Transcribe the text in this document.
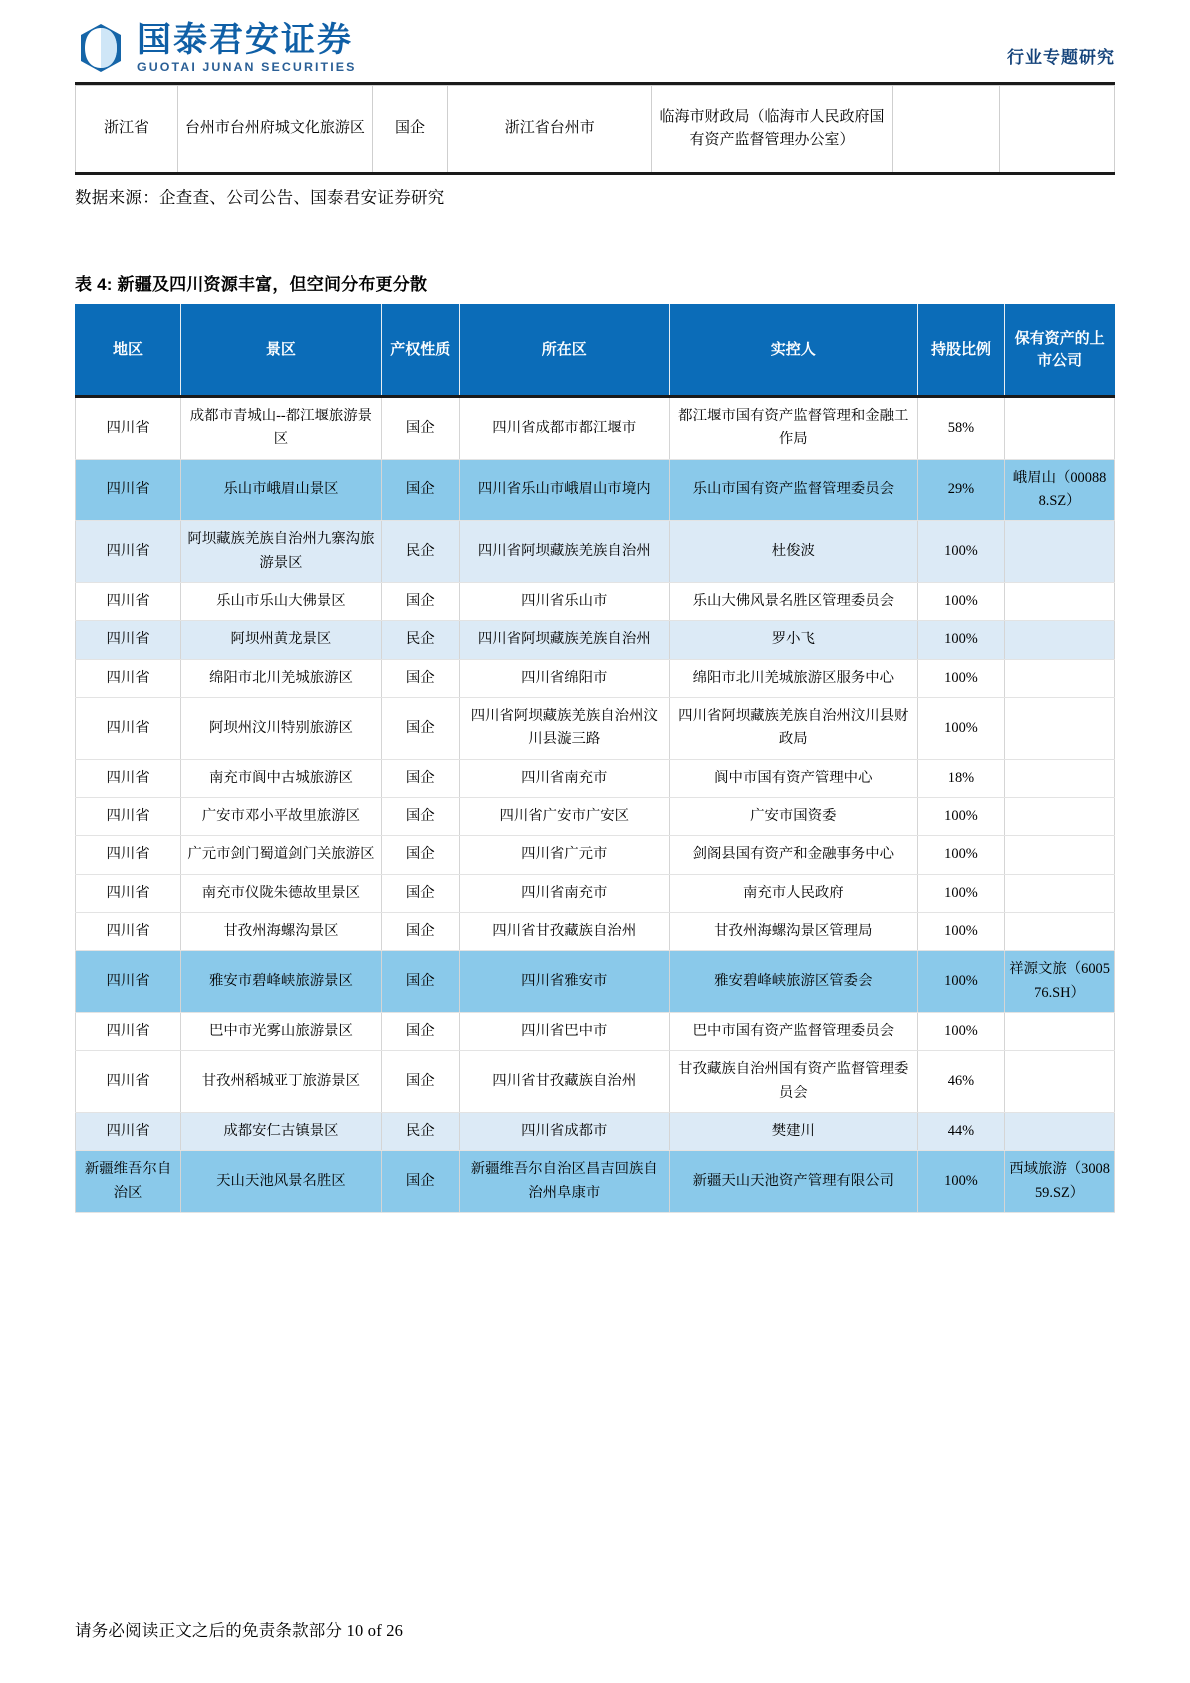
国泰君安证券
GUOTAI JUNAN SECURITIES	行业专题研究
浙江省	台州市台州府城文化旅游区	国企	浙江省台州市	临海市财政局（临海市人民政府国有资产监督管理办公室）		
数据来源：企查查、公司公告、国泰君安证券研究
表 4: 新疆及四川资源丰富，但空间分布更分散
地区	景区	产权性质	所在区	实控人	持股比例	保有资产的上市公司
四川省	成都市青城山--都江堰旅游景区	国企	四川省成都市都江堰市	都江堰市国有资产监督管理和金融工作局	58%	
四川省	乐山市峨眉山景区	国企	四川省乐山市峨眉山市境内	乐山市国有资产监督管理委员会	29%	峨眉山（000888.SZ）
四川省	阿坝藏族羌族自治州九寨沟旅游景区	民企	四川省阿坝藏族羌族自治州	杜俊波	100%	
四川省	乐山市乐山大佛景区	国企	四川省乐山市	乐山大佛风景名胜区管理委员会	100%	
四川省	阿坝州黄龙景区	民企	四川省阿坝藏族羌族自治州	罗小飞	100%	
四川省	绵阳市北川羌城旅游区	国企	四川省绵阳市	绵阳市北川羌城旅游区服务中心	100%	
四川省	阿坝州汶川特别旅游区	国企	四川省阿坝藏族羌族自治州汶川县漩三路	四川省阿坝藏族羌族自治州汶川县财政局	100%	
四川省	南充市阆中古城旅游区	国企	四川省南充市	阆中市国有资产管理中心	18%	
四川省	广安市邓小平故里旅游区	国企	四川省广安市广安区	广安市国资委	100%	
四川省	广元市剑门蜀道剑门关旅游区	国企	四川省广元市	剑阁县国有资产和金融事务中心	100%	
四川省	南充市仪陇朱德故里景区	国企	四川省南充市	南充市人民政府	100%	
四川省	甘孜州海螺沟景区	国企	四川省甘孜藏族自治州	甘孜州海螺沟景区管理局	100%	
四川省	雅安市碧峰峡旅游景区	国企	四川省雅安市	雅安碧峰峡旅游区管委会	100%	祥源文旅（600576.SH）
四川省	巴中市光雾山旅游景区	国企	四川省巴中市	巴中市国有资产监督管理委员会	100%	
四川省	甘孜州稻城亚丁旅游景区	国企	四川省甘孜藏族自治州	甘孜藏族自治州国有资产监督管理委员会	46%	
四川省	成都安仁古镇景区	民企	四川省成都市	樊建川	44%	
新疆维吾尔自治区	天山天池风景名胜区	国企	新疆维吾尔自治区昌吉回族自治州阜康市	新疆天山天池资产管理有限公司	100%	西域旅游（300859.SZ）
请务必阅读正文之后的免责条款部分 10 of 26
